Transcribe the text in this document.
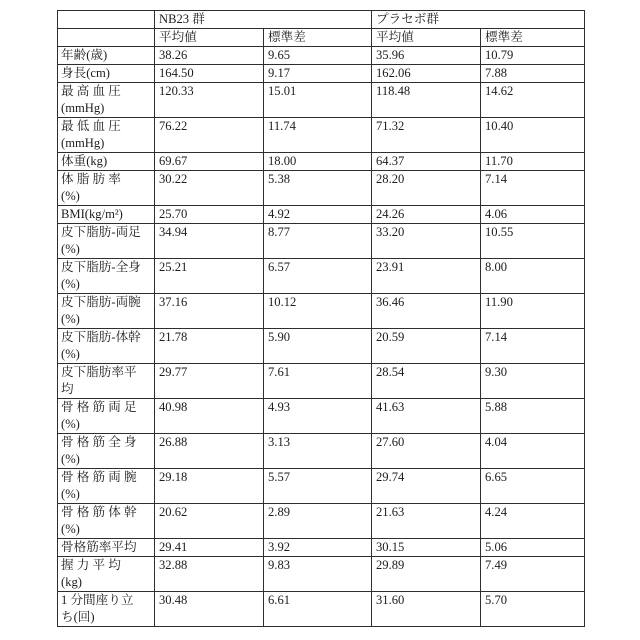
	NB23 群		プラセボ群	
	平均値	標準差	平均値	標準差
年齢(歳)	38.26	9.65	35.96	10.79
身長(cm)	164.50	9.17	162.06	7.88
最 高 血 圧
(mmHg)	120.33	15.01	118.48	14.62
最 低 血 圧
(mmHg)	76.22	11.74	71.32	10.40
体重(kg)	69.67	18.00	64.37	11.70
体 脂 肪 率
(%)	30.22	5.38	28.20	7.14
BMI(kg/m²)	25.70	4.92	24.26	4.06
皮下脂肪-両足
(%)	34.94	8.77	33.20	10.55
皮下脂肪-全身
(%)	25.21	6.57	23.91	8.00
皮下脂肪-両腕
(%)	37.16	10.12	36.46	11.90
皮下脂肪-体幹
(%)	21.78	5.90	20.59	7.14
皮下脂肪率平
均	29.77	7.61	28.54	9.30
骨 格 筋 両 足
(%)	40.98	4.93	41.63	5.88
骨 格 筋 全 身
(%)	26.88	3.13	27.60	4.04
骨 格 筋 両 腕
(%)	29.18	5.57	29.74	6.65
骨 格 筋 体 幹
(%)	20.62	2.89	21.63	4.24
骨格筋率平均	29.41	3.92	30.15	5.06
握 力 平 均
(kg)	32.88	9.83	29.89	7.49
1 分間座り立
ち(回)	30.48	6.61	31.60	5.70
